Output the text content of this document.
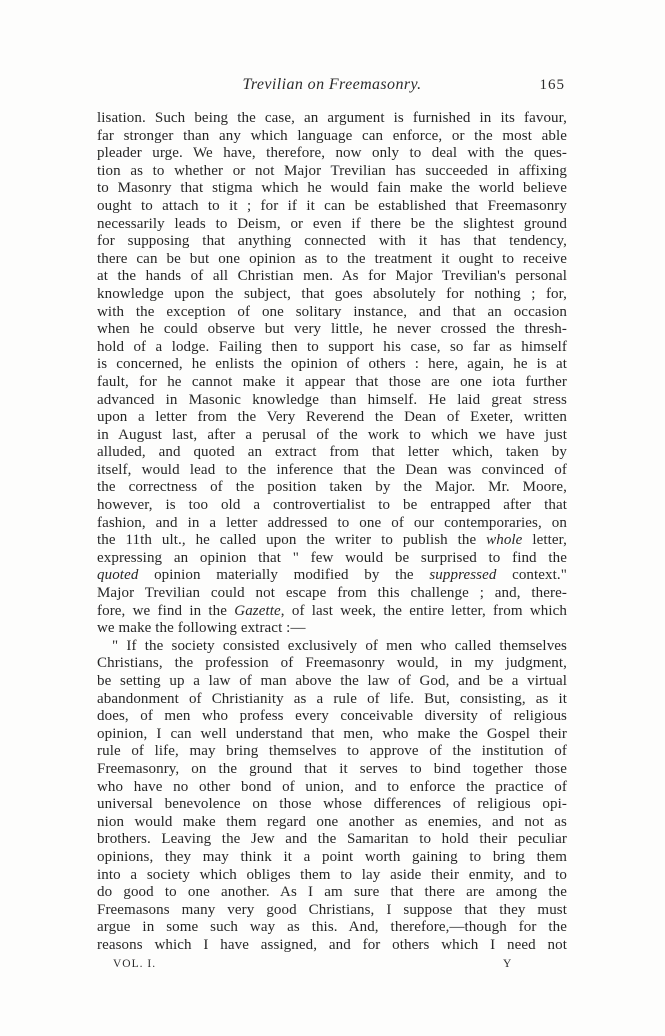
Trevilian on Freemasonry.	165
lisation. Such being the case, an argument is furnished in its favour,
far stronger than any which language can enforce, or the most able
pleader urge. We have, therefore, now only to deal with the ques-
tion as to whether or not Major Trevilian has succeeded in affixing
to Masonry that stigma which he would fain make the world believe
ought to attach to it ; for if it can be established that Freemasonry
necessarily leads to Deism, or even if there be the slightest ground
for supposing that anything connected with it has that tendency,
there can be but one opinion as to the treatment it ought to receive
at the hands of all Christian men. As for Major Trevilian's personal
knowledge upon the subject, that goes absolutely for nothing ; for,
with the exception of one solitary instance, and that an occasion
when he could observe but very little, he never crossed the thresh-
hold of a lodge. Failing then to support his case, so far as himself
is concerned, he enlists the opinion of others : here, again, he is at
fault, for he cannot make it appear that those are one iota further
advanced in Masonic knowledge than himself. He laid great stress
upon a letter from the Very Reverend the Dean of Exeter, written
in August last, after a perusal of the work to which we have just
alluded, and quoted an extract from that letter which, taken by
itself, would lead to the inference that the Dean was convinced of
the correctness of the position taken by the Major. Mr. Moore,
however, is too old a controvertialist to be entrapped after that
fashion, and in a letter addressed to one of our contemporaries, on
the 11th ult., he called upon the writer to publish the whole letter,
expressing an opinion that " few would be surprised to find the
quoted opinion materially modified by the suppressed context."
Major Trevilian could not escape from this challenge ; and, there-
fore, we find in the Gazette, of last week, the entire letter, from which
we make the following extract :—
" If the society consisted exclusively of men who called themselves
Christians, the profession of Freemasonry would, in my judgment,
be setting up a law of man above the law of God, and be a virtual
abandonment of Christianity as a rule of life. But, consisting, as it
does, of men who profess every conceivable diversity of religious
opinion, I can well understand that men, who make the Gospel their
rule of life, may bring themselves to approve of the institution of
Freemasonry, on the ground that it serves to bind together those
who have no other bond of union, and to enforce the practice of
universal benevolence on those whose differences of religious opi-
nion would make them regard one another as enemies, and not as
brothers. Leaving the Jew and the Samaritan to hold their peculiar
opinions, they may think it a point worth gaining to bring them
into a society which obliges them to lay aside their enmity, and to
do good to one another. As I am sure that there are among the
Freemasons many very good Christians, I suppose that they must
argue in some such way as this. And, therefore,—though for the
reasons which I have assigned, and for others which I need not
VOL. I.	Y
